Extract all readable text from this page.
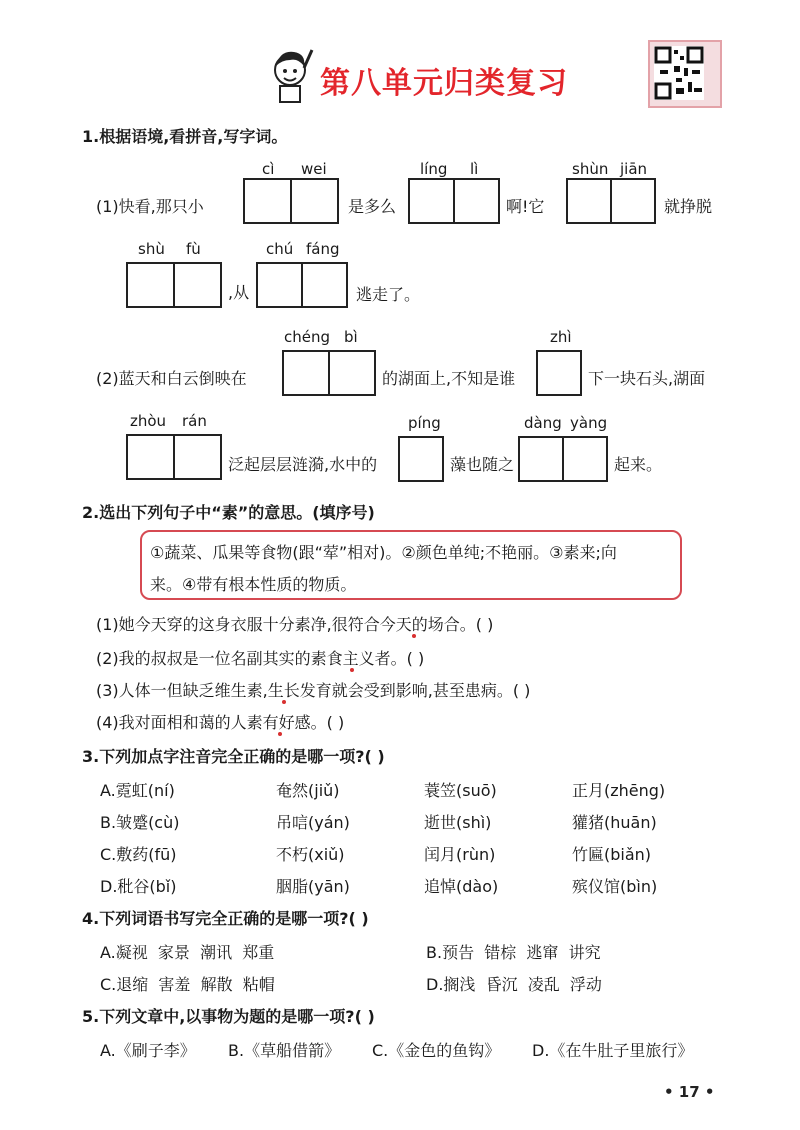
第八单元归类复习
1.根据语境,看拼音,写字词。
cì wei	líng lì	shùn jiān
(1)快看,那只小	是多么	啊!它	就挣脱
shù fù	chú fáng
,从	逃走了。
chéng bì	zhì
(2)蓝天和白云倒映在	的湖面上,不知是谁	下一块石头,湖面
zhòu rán	píng	dàng yàng
泛起层层涟漪,水中的	藻也随之	起来。
2.选出下列句子中“素”的意思。(填序号)
①蔬菜、瓜果等食物(跟“荤”相对)。②颜色单纯;不艳丽。③素来;向
来。④带有根本性质的物质。
(1)她今天穿的这身衣服十分素净,很符合今天的场合。( )
(2)我的叔叔是一位名副其实的素食主义者。( )
(3)人体一但缺乏维生素,生长发育就会受到影响,甚至患病。( )
(4)我对面相和蔼的人素有好感。( )
3.下列加点字注音完全正确的是哪一项?( )
A.霓虹(ní)	奄然(jiǔ)	蓑笠(suō)	正月(zhēng)
B.皱蹙(cù)	吊唁(yán)	逝世(shì)	獾猪(huān)
C.敷药(fū)	不朽(xiǔ)	闰月(rùn)	竹匾(biǎn)
D.秕谷(bǐ)	胭脂(yān)	追悼(dào)	殡仪馆(bìn)
4.下列词语书写完全正确的是哪一项?( )
A.凝视  家景  潮讯  郑重	B.预告  错棕  逃窜  讲究
C.退缩  害羞  解散  粘帽	D.搁浅  昏沉  凌乱  浮动
5.下列文章中,以事物为题的是哪一项?( )
A.《刷子李》 B.《草船借箭》 C.《金色的鱼钩》 D.《在牛肚子里旅行》
• 17 •
